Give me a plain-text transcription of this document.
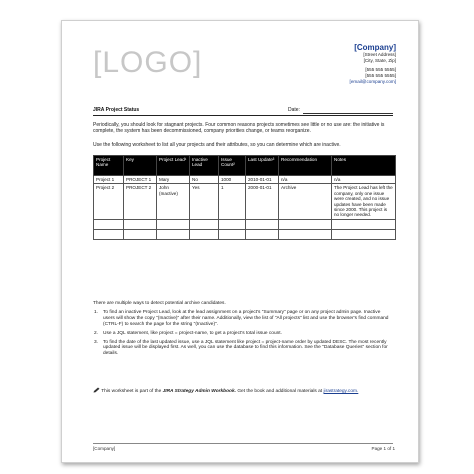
[LOGO]	[Company]
[Street Address]
[City, State, Zip]
[555 555 5555]
[555 555 5555]
[email@company.com]
JIRA Project Status	Date:
Periodically, you should look for stagnant projects. Four common reasons projects sometimes see little or no use are: the initiative is complete, the system has been decommissioned, company priorities change, or teams reorganize.
Use the following worksheet to list all your projects and their attributes, so you can determine which are inactive.
Project Name	Key	Project Lead¹	Inactive Lead	Issue Count²	Last Update³	Recommendation	Notes
Project 1	PROJECT 1	Mary	No	1000	2010-01-01	n/a	n/a
Project 2	PROJECT 2	John (Inactive)	Yes	1	2000-01-01	Archive	The Project Lead has left the company, only one issue were created, and no issue updates have been made since 2000. This project is no longer needed.

There are multiple ways to detect potential archive candidates.
1. To find an inactive Project Lead, look at the lead assignment on a project's "Summary" page or on any project admin page. Inactive users will show the copy "(Inactive)" after their name. Additionally, view the list of "All projects" list and use the browser's find command (CTRL-F) to search the page for the string "(Inactive)".
2. Use a JQL statement, like project = project-name, to get a project's total issue count.
3. To find the date of the last updated issue, use a JQL statement like project = project-name order by updated DESC. The most recently updated issue will be displayed first. As well, you can use the database to find this information. See the "Database Queries" section for details.
This worksheet is part of the JIRA Strategy Admin Workbook. Get the book and additional materials at jirastrategy.com.
[Company]	Page 1 of 1
